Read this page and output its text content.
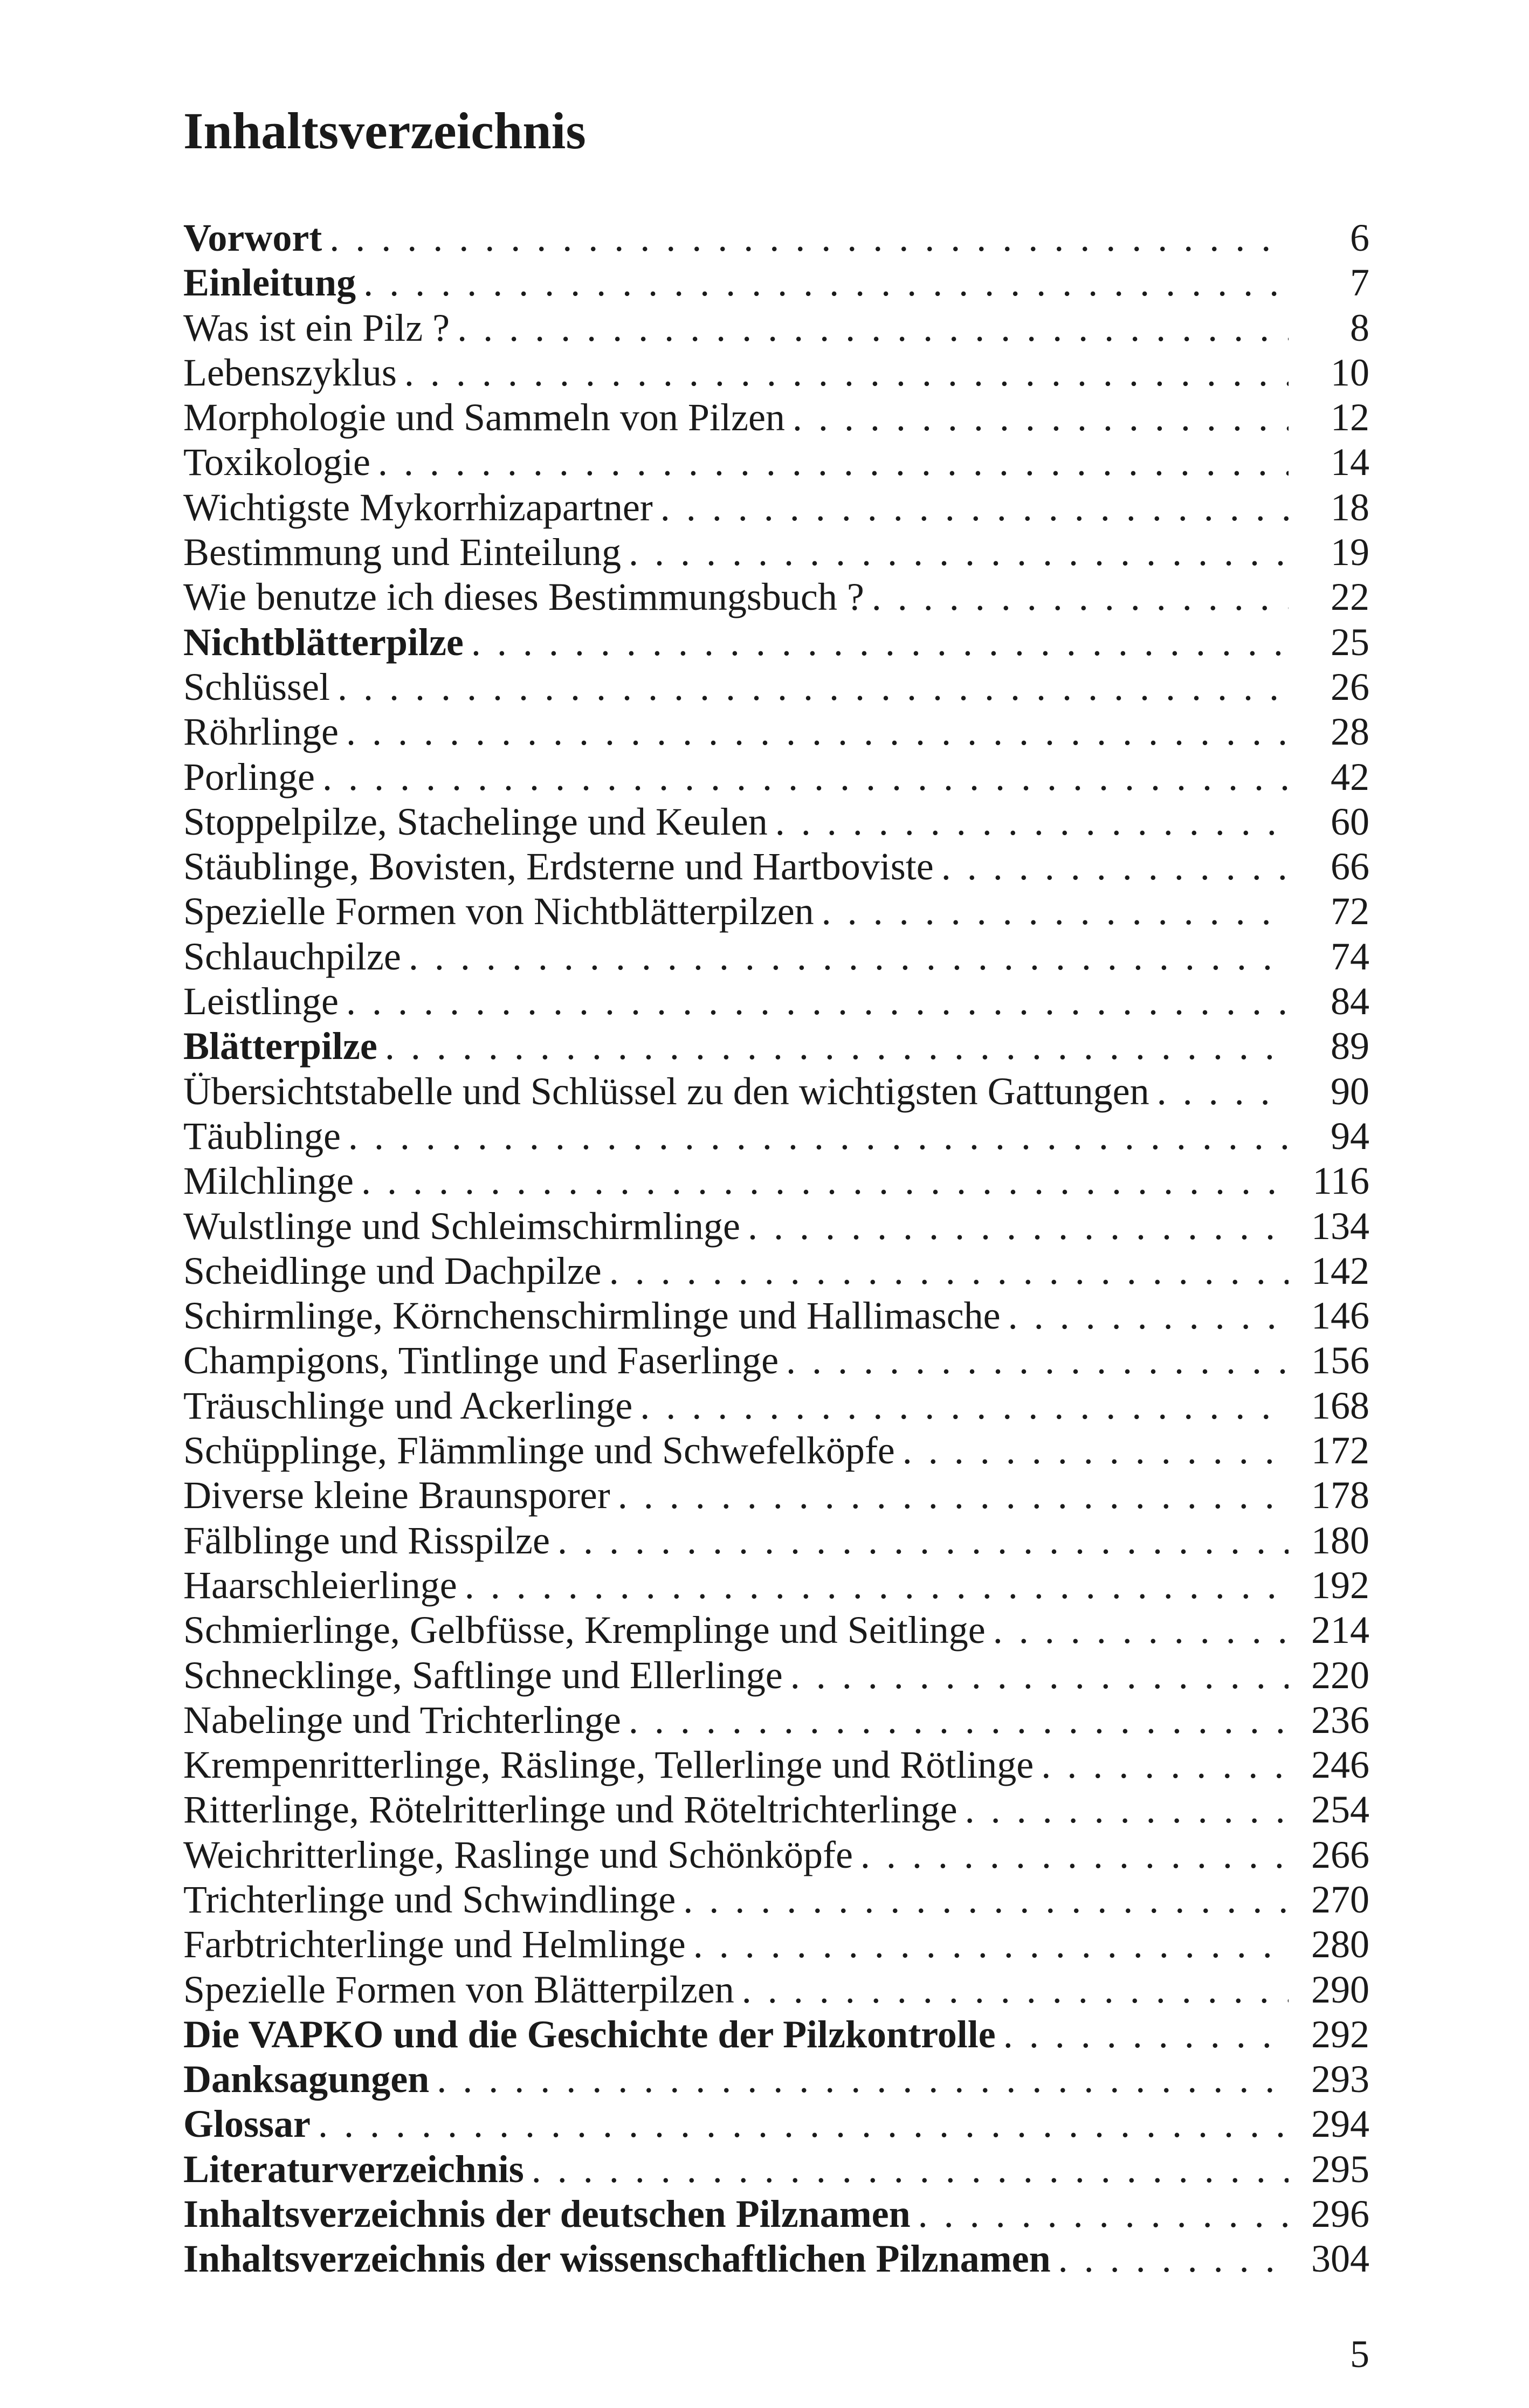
Inhaltsverzeichnis
Vorwort . . .	6
Einleitung . . .	7
Was ist ein Pilz ? . . .	8
Lebenszyklus . . .	10
Morphologie und Sammeln von Pilzen . . .	12
Toxikologie . . .	14
Wichtigste Mykorrhizapartner . . .	18
Bestimmung und Einteilung . . .	19
Wie benutze ich dieses Bestimmungsbuch ? . . .	22
Nichtblätterpilze . . .	25
Schlüssel . . .	26
Röhrlinge . . .	28
Porlinge . . .	42
Stoppelpilze, Stachelinge und Keulen . . .	60
Stäublinge, Bovisten, Erdsterne und Hartboviste . . .	66
Spezielle Formen von Nichtblätterpilzen . . .	72
Schlauchpilze . . .	74
Leistlinge . . .	84
Blätterpilze . . .	89
Übersichtstabelle und Schlüssel zu den wichtigsten Gattungen . . .	90
Täublinge . . .	94
Milchlinge . . .	116
Wulstlinge und Schleimschirmlinge . . .	134
Scheidlinge und Dachpilze . . .	142
Schirmlinge, Körnchenschirmlinge und Hallimasche . . .	146
Champigons, Tintlinge und Faserlinge . . .	156
Träuschlinge und Ackerlinge . . .	168
Schüpplinge, Flämmlinge und Schwefelköpfe . . .	172
Diverse kleine Braunsporer . . .	178
Fälblinge und Risspilze . . .	180
Haarschleierlinge . . .	192
Schmierlinge, Gelbfüsse, Kremplinge und Seitlinge . . .	214
Schnecklinge, Saftlinge und Ellerlinge . . .	220
Nabelinge und Trichterlinge . . .	236
Krempenritterlinge, Räslinge, Tellerlinge und Rötlinge . . .	246
Ritterlinge, Rötelritterlinge und Röteltrichterlinge . . .	254
Weichritterlinge, Raslinge und Schönköpfe . . .	266
Trichterlinge und Schwindlinge . . .	270
Farbtrichterlinge und Helmlinge . . .	280
Spezielle Formen von Blätterpilzen . . .	290
Die VAPKO und die Geschichte der Pilzkontrolle . . .	292
Danksagungen . . .	293
Glossar . . .	294
Literaturverzeichnis . . .	295
Inhaltsverzeichnis der deutschen Pilznamen . . .	296
Inhaltsverzeichnis der wissenschaftlichen Pilznamen . . .	304
5
